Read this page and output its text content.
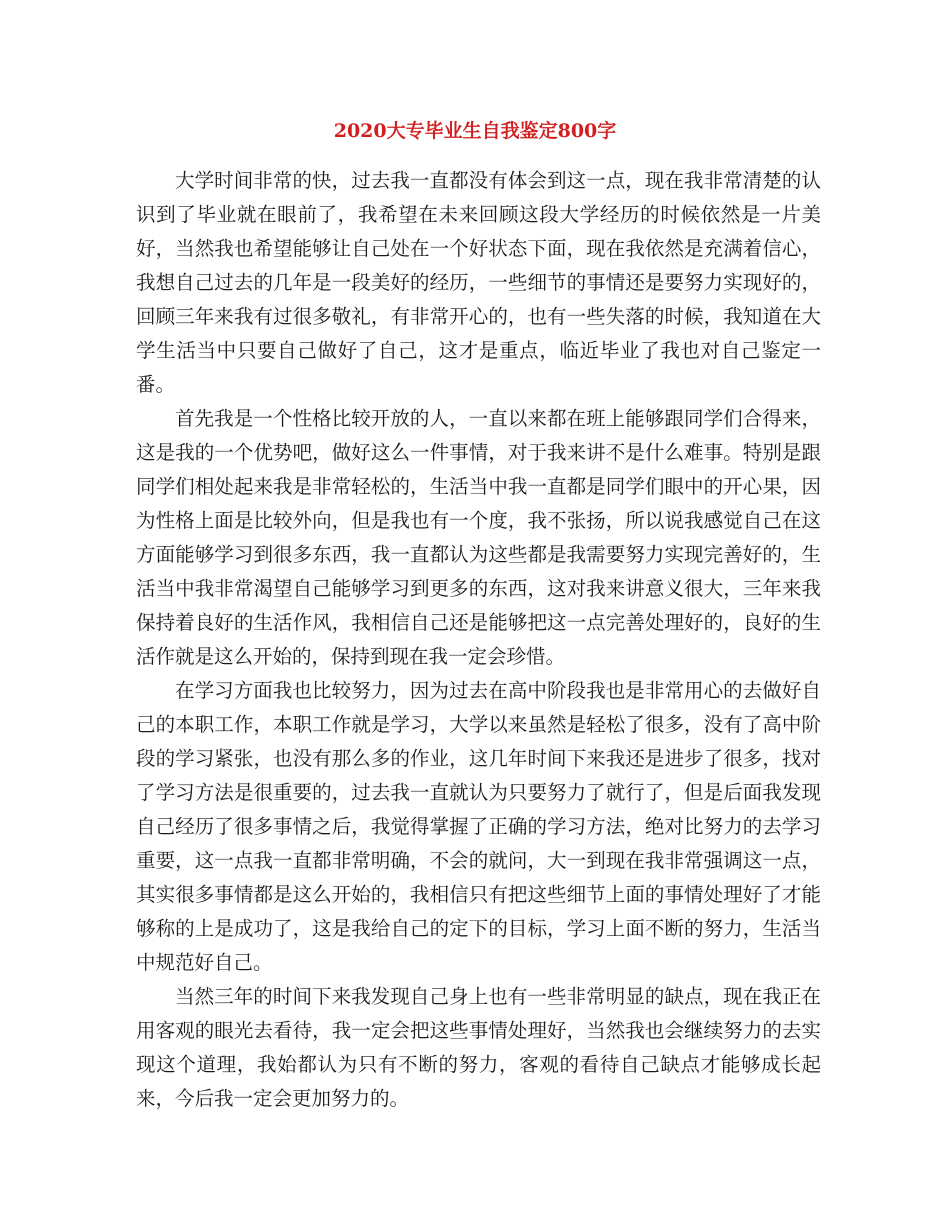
2020大专毕业生自我鉴定800字

大学时间非常的快，过去我一直都没有体会到这一点，现在我非常清楚的认识到了毕业就在眼前了，我希望在未来回顾这段大学经历的时候依然是一片美好，当然我也希望能够让自己处在一个好状态下面，现在我依然是充满着信心，我想自己过去的几年是一段美好的经历，一些细节的事情还是要努力实现好的，回顾三年来我有过很多敬礼，有非常开心的，也有一些失落的时候，我知道在大学生活当中只要自己做好了自己，这才是重点，临近毕业了我也对自己鉴定一番。

首先我是一个性格比较开放的人，一直以来都在班上能够跟同学们合得来，这是我的一个优势吧，做好这么一件事情，对于我来讲不是什么难事。特别是跟同学们相处起来我是非常轻松的，生活当中我一直都是同学们眼中的开心果，因为性格上面是比较外向，但是我也有一个度，我不张扬，所以说我感觉自己在这方面能够学习到很多东西，我一直都认为这些都是我需要努力实现完善好的，生活当中我非常渴望自己能够学习到更多的东西，这对我来讲意义很大，三年来我保持着良好的生活作风，我相信自己还是能够把这一点完善处理好的，良好的生活作就是这么开始的，保持到现在我一定会珍惜。

在学习方面我也比较努力，因为过去在高中阶段我也是非常用心的去做好自己的本职工作，本职工作就是学习，大学以来虽然是轻松了很多，没有了高中阶段的学习紧张，也没有那么多的作业，这几年时间下来我还是进步了很多，找对了学习方法是很重要的，过去我一直就认为只要努力了就行了，但是后面我发现自己经历了很多事情之后，我觉得掌握了正确的学习方法，绝对比努力的去学习重要，这一点我一直都非常明确，不会的就问，大一到现在我非常强调这一点，其实很多事情都是这么开始的，我相信只有把这些细节上面的事情处理好了才能够称的上是成功了，这是我给自己的定下的目标，学习上面不断的努力，生活当中规范好自己。

当然三年的时间下来我发现自己身上也有一些非常明显的缺点，现在我正在用客观的眼光去看待，我一定会把这些事情处理好，当然我也会继续努力的去实现这个道理，我始都认为只有不断的努力，客观的看待自己缺点才能够成长起来，今后我一定会更加努力的。
